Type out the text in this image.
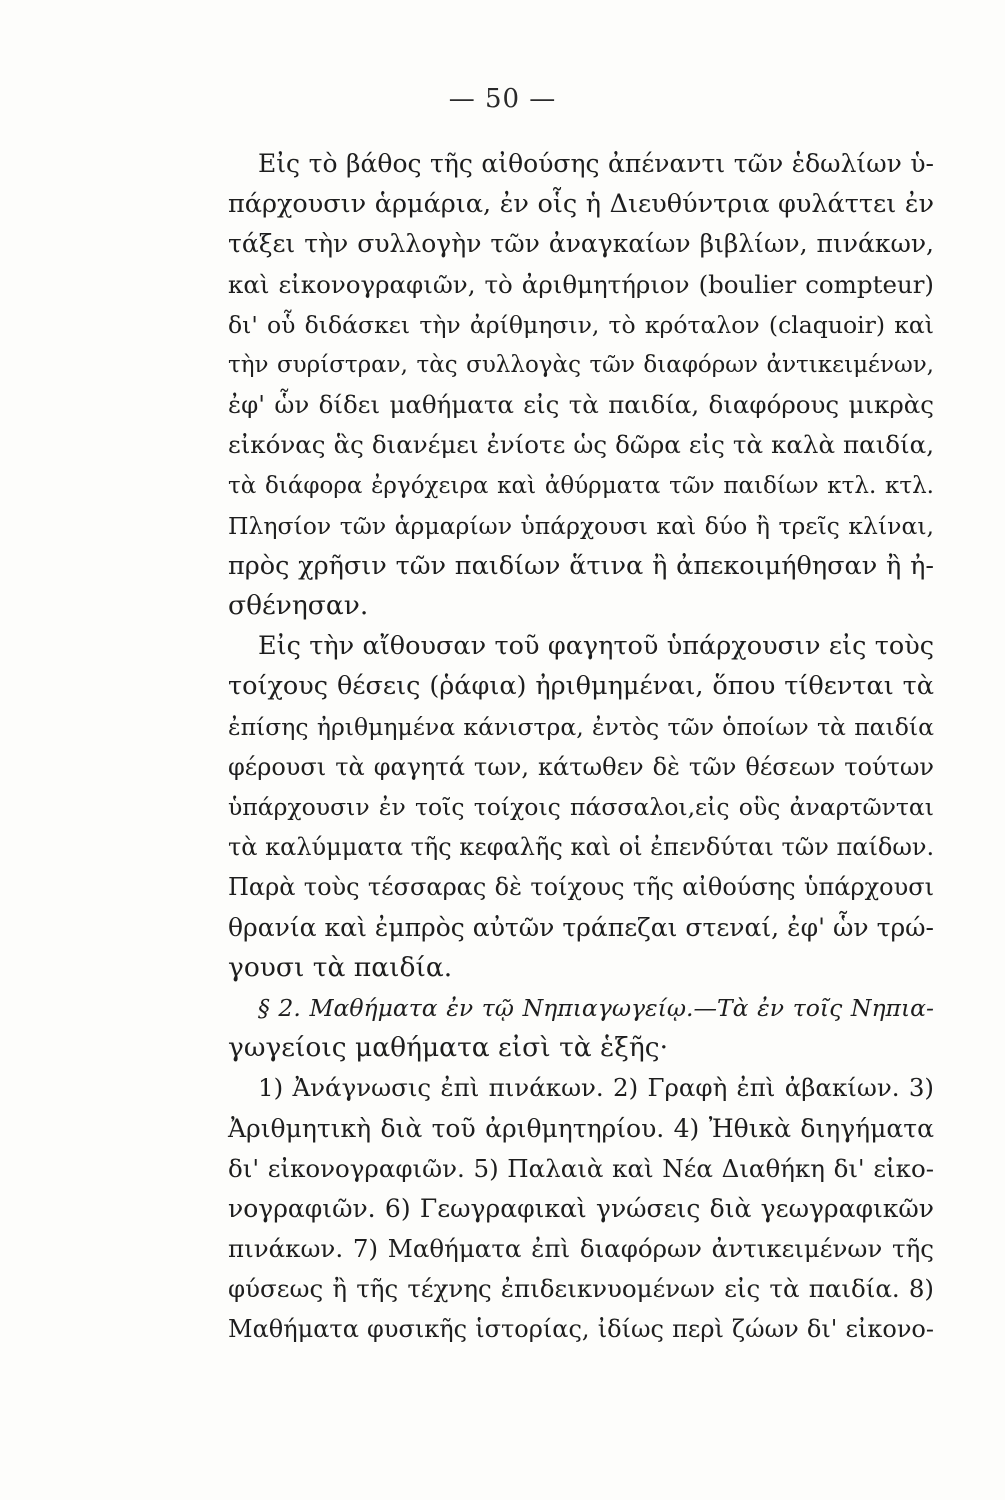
— 50 —
Εἰς τὸ βάθος τῆς αἰθούσης ἀπέναντι τῶν ἑδωλίων ὑ-
πάρχουσιν ἁρμάρια, ἐν οἷς ἡ Διευθύντρια φυλάττει ἐν
τάξει τὴν συλλογὴν τῶν ἀναγκαίων βιβλίων, πινάκων,
καὶ εἰκονογραφιῶν, τὸ ἀριθμητήριον (boulier compteur)
δι' οὗ διδάσκει τὴν ἀρίθμησιν, τὸ κρόταλον (claquoir) καὶ
τὴν συρίστραν, τὰς συλλογὰς τῶν διαφόρων ἀντικειμένων,
ἐφ' ὧν δίδει μαθήματα εἰς τὰ παιδία, διαφόρους μικρὰς
εἰκόνας ἃς διανέμει ἐνίοτε ὡς δῶρα εἰς τὰ καλὰ παιδία,
τὰ διάφορα ἐργόχειρα καὶ ἀθύρματα τῶν παιδίων κτλ. κτλ.
Πλησίον τῶν ἁρμαρίων ὑπάρχουσι καὶ δύο ἢ τρεῖς κλίναι,
πρὸς χρῆσιν τῶν παιδίων ἅτινα ἢ ἀπεκοιμήθησαν ἢ ἠ-
σθένησαν.
Εἰς τὴν αἴθουσαν τοῦ φαγητοῦ ὑπάρχουσιν εἰς τοὺς
τοίχους θέσεις (ῥάφια) ἠριθμημέναι, ὅπου τίθενται τὰ
ἐπίσης ἠριθμημένα κάνιστρα, ἐντὸς τῶν ὁποίων τὰ παιδία
φέρουσι τὰ φαγητά των, κάτωθεν δὲ τῶν θέσεων τούτων
ὑπάρχουσιν ἐν τοῖς τοίχοις πάσσαλοι,εἰς οὓς ἀναρτῶνται
τὰ καλύμματα τῆς κεφαλῆς καὶ οἱ ἐπενδύται τῶν παίδων.
Παρὰ τοὺς τέσσαρας δὲ τοίχους τῆς αἰθούσης ὑπάρχουσι
θρανία καὶ ἐμπρὸς αὐτῶν τράπεζαι στεναί, ἐφ' ὧν τρώ-
γουσι τὰ παιδία.
§ 2. Μαθήματα ἐν τῷ Νηπιαγωγείῳ.—Τὰ ἐν τοῖς Νηπια-
γωγείοις μαθήματα εἰσὶ τὰ ἑξῆς·
1) Ἀνάγνωσις ἐπὶ πινάκων. 2) Γραφὴ ἐπὶ ἀβακίων. 3)
Ἀριθμητικὴ διὰ τοῦ ἀριθμητηρίου. 4) Ἠθικὰ διηγήματα
δι' εἰκονογραφιῶν. 5) Παλαιὰ καὶ Νέα Διαθήκη δι' εἰκο-
νογραφιῶν. 6) Γεωγραφικαὶ γνώσεις διὰ γεωγραφικῶν
πινάκων. 7) Μαθήματα ἐπὶ διαφόρων ἀντικειμένων τῆς
φύσεως ἢ τῆς τέχνης ἐπιδεικνυομένων εἰς τὰ παιδία. 8)
Μαθήματα φυσικῆς ἱστορίας, ἰδίως περὶ ζώων δι' εἰκονο-
